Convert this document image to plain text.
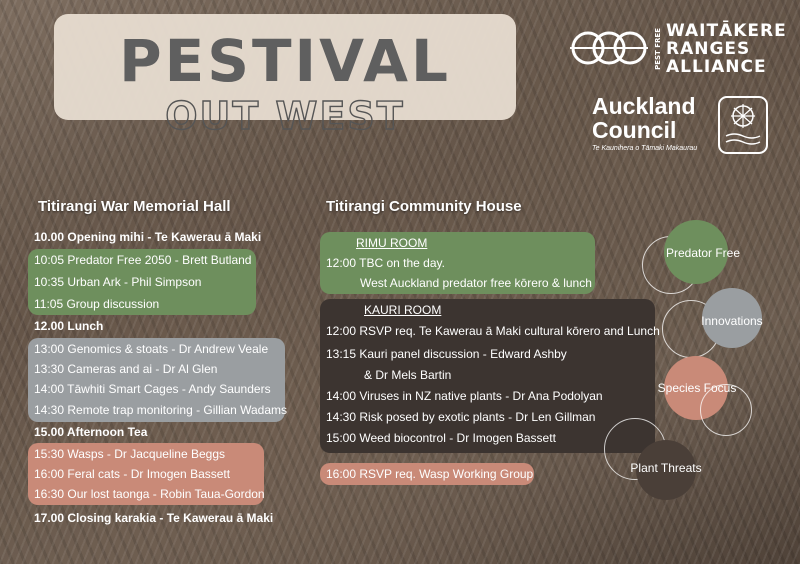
PESTIVAL
OUT WEST
PEST FREE WAITĀKERE
RANGES
ALLIANCE
Auckland
Council
Te Kaunihera o Tāmaki Makaurau
Titirangi War Memorial Hall
10.00 Opening mihi - Te Kawerau ā Maki
10:05 Predator Free 2050 - Brett Butland
10:35 Urban Ark - Phil Simpson
11:05 Group discussion
12.00 Lunch
13:00 Genomics & stoats - Dr Andrew Veale
13:30 Cameras and ai - Dr Al Glen
14:00 Tāwhiti Smart Cages - Andy Saunders
14:30 Remote trap monitoring - Gillian Wadams
15.00 Afternoon Tea
15:30 Wasps - Dr Jacqueline Beggs
16:00 Feral cats - Dr Imogen Bassett
16:30 Our lost taonga - Robin Taua-Gordon
17.00 Closing karakia - Te Kawerau ā Maki
Titirangi Community House
RIMU ROOM
12:00 TBC on the day.
West Auckland predator free kōrero & lunch
KAURI ROOM
12:00 RSVP req. Te Kawerau ā Maki cultural kōrero and Lunch
13:15 Kauri panel discussion - Edward Ashby
& Dr Mels Bartin
14:00 Viruses in NZ native plants - Dr Ana Podolyan
14:30 Risk posed by exotic plants - Dr Len Gillman
15:00 Weed biocontrol - Dr Imogen Bassett
16:00 RSVP req. Wasp Working Group
Predator Free
Innovations
Species Focus
Plant Threats
